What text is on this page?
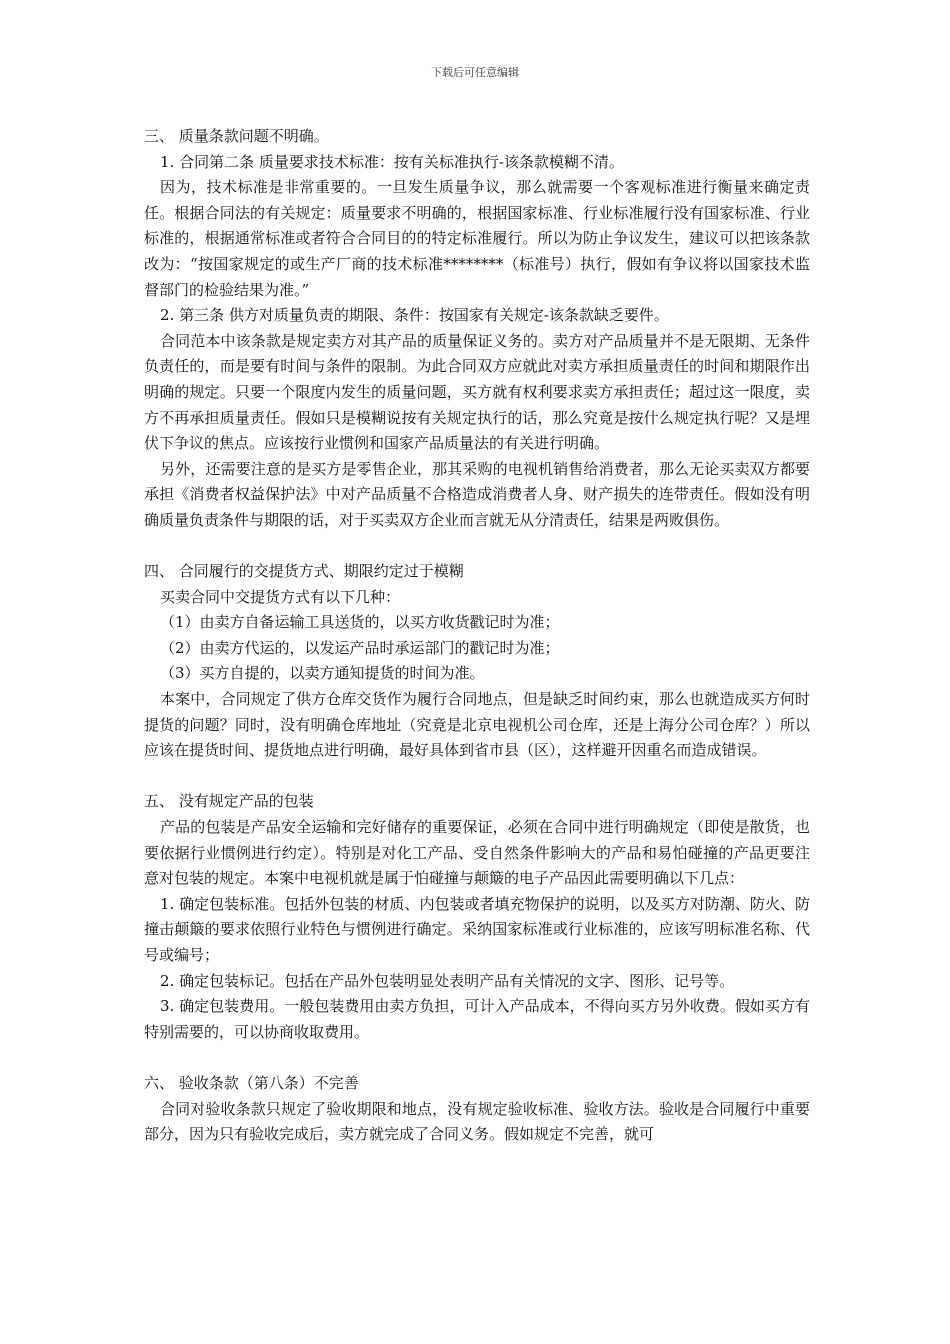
下载后可任意编辑

三、 质量条款问题不明确。

1. 合同第二条 质量要求技术标准：按有关标准执行-该条款模糊不清。

因为，技术标准是非常重要的。一旦发生质量争议，那么就需要一个客观标准进行衡量来确定责任。根据合同法的有关规定：质量要求不明确的，根据国家标准、行业标准履行没有国家标准、行业标准的，根据通常标准或者符合合同目的的特定标准履行。所以为防止争议发生，建议可以把该条款改为：“按国家规定的或生产厂商的技术标准********（标准号）执行，假如有争议将以国家技术监督部门的检验结果为准。”

2. 第三条 供方对质量负责的期限、条件：按国家有关规定-该条款缺乏要件。

合同范本中该条款是规定卖方对其产品的质量保证义务的。卖方对产品质量并不是无限期、无条件负责任的，而是要有时间与条件的限制。为此合同双方应就此对卖方承担质量责任的时间和期限作出明确的规定。只要一个限度内发生的质量问题，买方就有权利要求卖方承担责任；超过这一限度，卖方不再承担质量责任。假如只是模糊说按有关规定执行的话，那么究竟是按什么规定执行呢？又是埋伏下争议的焦点。应该按行业惯例和国家产品质量法的有关进行明确。

另外，还需要注意的是买方是零售企业，那其采购的电视机销售给消费者，那么无论买卖双方都要承担《消费者权益保护法》中对产品质量不合格造成消费者人身、财产损失的连带责任。假如没有明确质量负责条件与期限的话，对于买卖双方企业而言就无从分清责任，结果是两败俱伤。

四、 合同履行的交提货方式、期限约定过于模糊

买卖合同中交提货方式有以下几种：

（1）由卖方自备运输工具送货的，以买方收货戳记时为准；

（2）由卖方代运的，以发运产品时承运部门的戳记时为准；

（3）买方自提的，以卖方通知提货的时间为准。

本案中，合同规定了供方仓库交货作为履行合同地点，但是缺乏时间约束，那么也就造成买方何时提货的问题？同时，没有明确仓库地址（究竟是北京电视机公司仓库，还是上海分公司仓库？）所以应该在提货时间、提货地点进行明确，最好具体到省市县（区），这样避开因重名而造成错误。

五、 没有规定产品的包装

产品的包装是产品安全运输和完好储存的重要保证，必须在合同中进行明确规定（即使是散货，也要依据行业惯例进行约定）。特别是对化工产品、受自然条件影响大的产品和易怕碰撞的产品更要注意对包装的规定。本案中电视机就是属于怕碰撞与颠簸的电子产品因此需要明确以下几点：

1. 确定包装标准。包括外包装的材质、内包装或者填充物保护的说明，以及买方对防潮、防火、防撞击颠簸的要求依照行业特色与惯例进行确定。采纳国家标准或行业标准的，应该写明标准名称、代号或编号；

2. 确定包装标记。包括在产品外包装明显处表明产品有关情况的文字、图形、记号等。

3. 确定包装费用。一般包装费用由卖方负担，可计入产品成本，不得向买方另外收费。假如买方有特别需要的，可以协商收取费用。

六、 验收条款（第八条）不完善

合同对验收条款只规定了验收期限和地点，没有规定验收标准、验收方法。验收是合同履行中重要部分，因为只有验收完成后，卖方就完成了合同义务。假如规定不完善，就可
